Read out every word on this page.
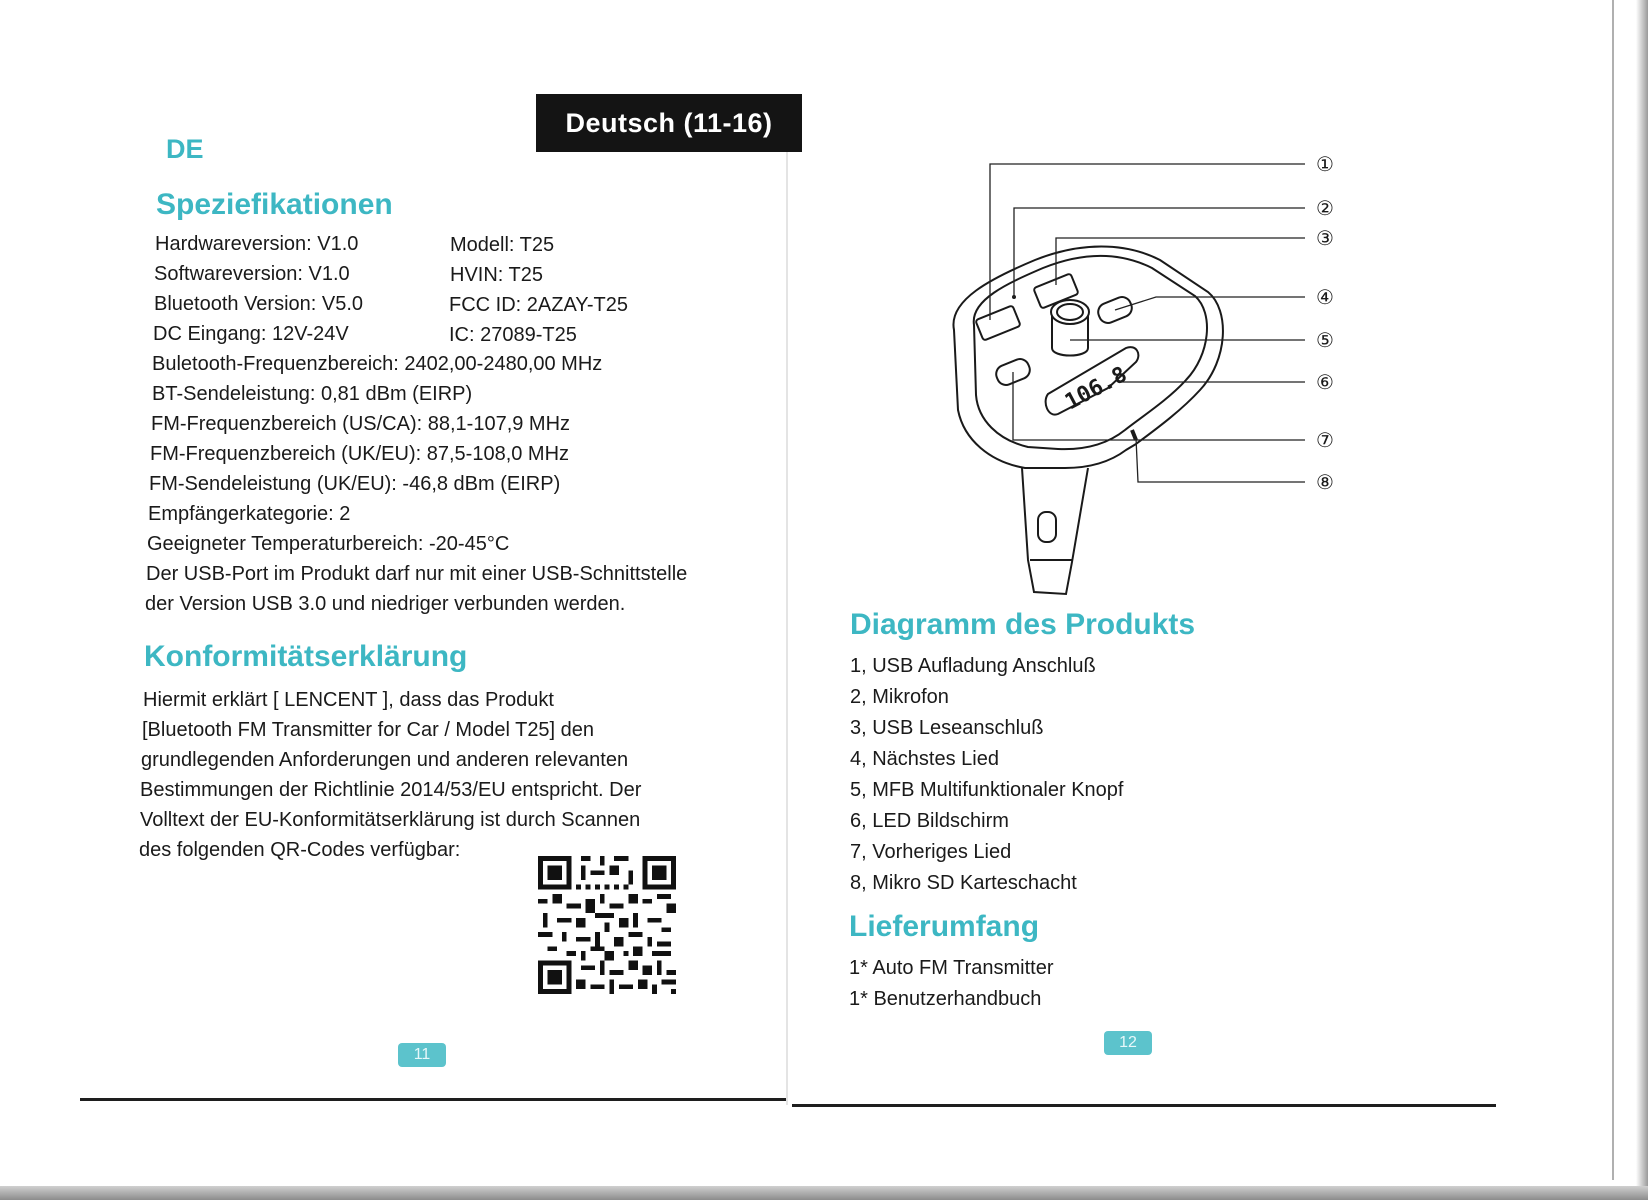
Deutsch (11-16)
DE
Speziefikationen
Hardwareversion: V1.0
Softwareversion: V1.0
Bluetooth Version: V5.0
DC Eingang: 12V-24V
Modell: T25
HVIN: T25
FCC ID: 2AZAY-T25
IC: 27089-T25
Buletooth-Frequenzbereich: 2402,00-2480,00 MHz
BT-Sendeleistung: 0,81 dBm (EIRP)
FM-Frequenzbereich (US/CA): 88,1-107,9 MHz
FM-Frequenzbereich (UK/EU): 87,5-108,0 MHz
FM-Sendeleistung (UK/EU): -46,8 dBm (EIRP)
Empfängerkategorie: 2
Geeigneter Temperaturbereich: -20-45°C
Der USB-Port im Produkt darf nur mit einer USB-Schnittstelle
der Version USB 3.0 und niedriger verbunden werden.
Konformitätserklärung
Hiermit erklärt [ LENCENT ], dass das Produkt
[Bluetooth FM Transmitter for Car / Model T25] den
grundlegenden Anforderungen und anderen relevanten
Bestimmungen der Richtlinie 2014/53/EU entspricht. Der
Volltext der EU-Konformitätserklärung ist durch Scannen
des folgenden QR-Codes verfügbar:
11
106.8
①
②
③
④
⑤
⑥
⑦
⑧
Diagramm des Produkts
1, USB Aufladung Anschluß
2, Mikrofon
3, USB Leseanschluß
4, Nächstes Lied
5, MFB Multifunktionaler Knopf
6, LED Bildschirm
7, Vorheriges Lied
8, Mikro SD Karteschacht
Lieferumfang
1* Auto FM Transmitter
1* Benutzerhandbuch
12
